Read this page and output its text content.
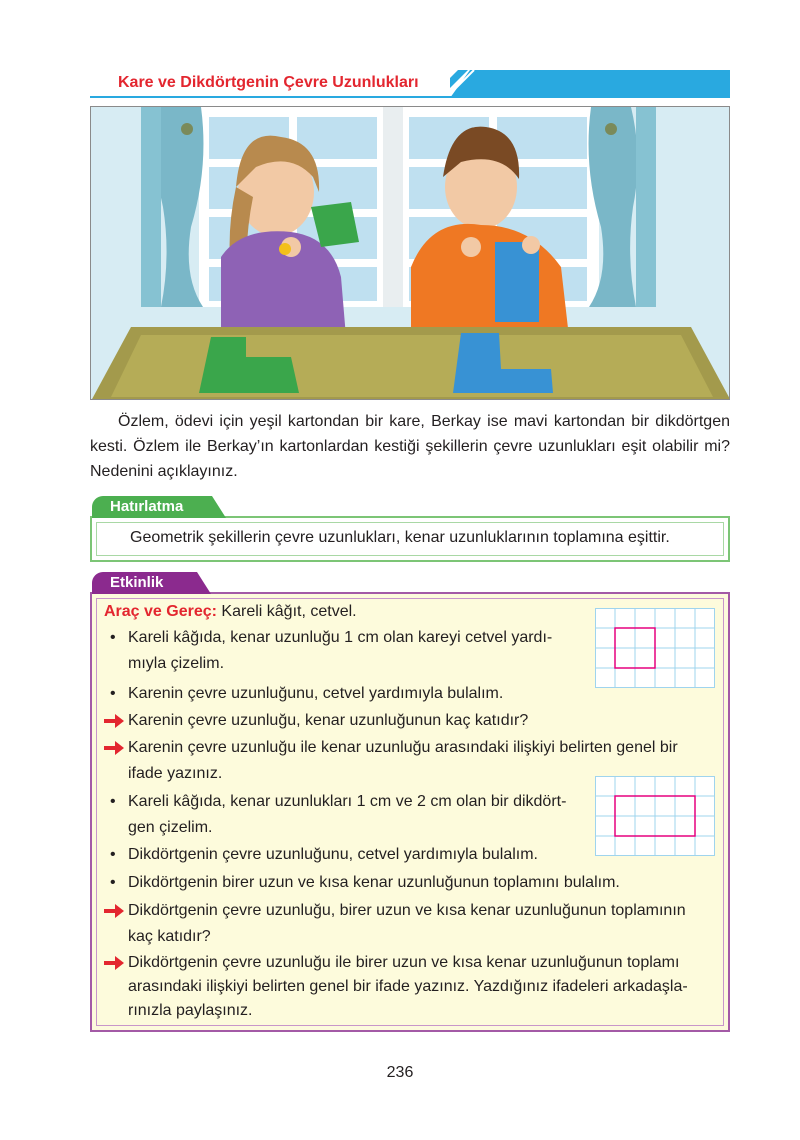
Kare ve Dikdörtgenin Çevre Uzunlukları

Özlem, ödevi için yeşil kartondan bir kare, Berkay ise mavi kartondan bir dikdörtgen kesti. Özlem ile Berkay’ın kartonlardan kestiği şekillerin çevre uzunlukları eşit olabilir mi? Nedenini açıklayınız.

Hatırlatma
Geometrik şekillerin çevre uzunlukları, kenar uzunluklarının toplamına eşittir.
Etkinlik
Araç ve Gereç: Kareli kâğıt, cetvel.
• Kareli kâğıda, kenar uzunluğu 1 cm olan kareyi cetvel yardı-
mıyla çizelim.
• Karenin çevre uzunluğunu, cetvel yardımıyla bulalım.
Karenin çevre uzunluğu, kenar uzunluğunun kaç katıdır?
Karenin çevre uzunluğu ile kenar uzunluğu arasındaki ilişkiyi belirten genel bir
ifade yazınız.
• Kareli kâğıda, kenar uzunlukları 1 cm ve 2 cm olan bir dikdört-
gen çizelim.
• Dikdörtgenin çevre uzunluğunu, cetvel yardımıyla bulalım.
• Dikdörtgenin birer uzun ve kısa kenar uzunluğunun toplamını bulalım.
Dikdörtgenin çevre uzunluğu, birer uzun ve kısa kenar uzunluğunun toplamının
kaç katıdır?
Dikdörtgenin çevre uzunluğu ile birer uzun ve kısa kenar uzunluğunun toplamı
arasındaki ilişkiyi belirten genel bir ifade yazınız. Yazdığınız ifadeleri arkadaşla-
rınızla paylaşınız.
236
